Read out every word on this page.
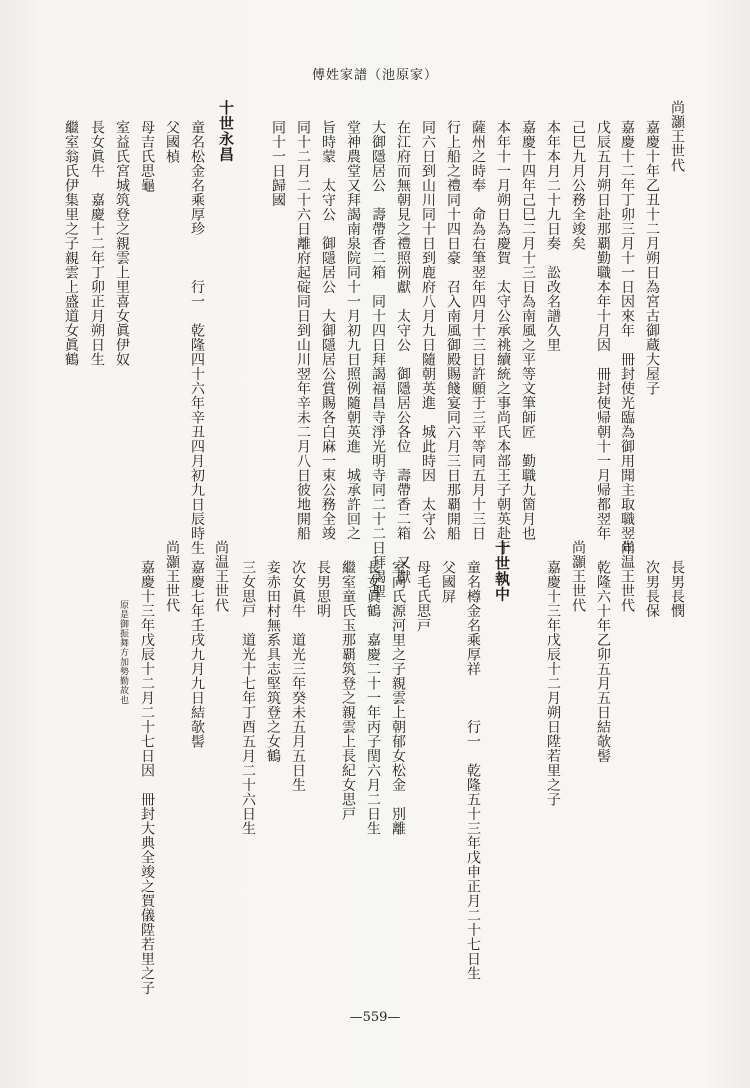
傅姓家譜（池原家）
尚灝王世代
嘉慶十年乙丑十二月朔日為宮古御蔵大屋子
嘉慶十二年丁卯三月十一日因來年　冊封使光臨為御用聞主取職翌年
戊辰五月朔日赴那覇勤職本年十月因　冊封使帰朝十一月帰都翌年
己巳九月公務全竣矣
本年本月二十九日奏　訟改名譜久里
嘉慶十四年己巳二月十三日為南風之平等文筆師匠　勤職九箇月也
本年十一月朔日為慶賀　太守公承祧續統之事尚氏本部王子朝英赴于
薩州之時奉　命為右筆翌年四月十三日許願于三平等同五月十三日
行上船之禮同十四日豪　召入南風御殿賜餞宴同六月三日那覇開船
同六日到山川同十日到鹿府八月九日隨朝英進　城此時因　太守公
在江府而無朝見之禮照例獻　太守公　御隱居公各位　壽帶香二箱　又獻
大御隱居公　壽帶香二箱　同十四日拜謁福昌寺淨光明寺同二十二日拜謁聖
堂神農堂又拜謁南泉院同十一月初九日照例隨朝英進　城承許回之
旨時蒙　太守公　御隱居公　大御隱居公賞賜各白麻一束公務全竣
同十二月二十六日離府起碇同日到山川翌年辛未二月八日彼地開船
同十一日歸國
十世永昌
童名松金名乘厚珍　　　行一　乾隆四十六年辛丑四月初九日辰時生
父國楨
母吉氏思龜
室益氏宮城筑登之親雲上里喜女眞伊奴
長女眞牛　嘉慶十二年丁卯正月朔日生
繼室翁氏伊集里之子親雲上盛道女眞鶴
長男長憫
次男長保
尚温王世代
乾隆六十年乙卯五月五日結欹髻
尚灝王世代
嘉慶十三年戊辰十二月朔日陞若里之子
十世執中
童名樽金名乘厚祥　　　行一　乾隆五十三年戊申正月二十七日生
父國屏
母毛氏思戸
室向氏源河里之子親雲上朝郁女松金　別離
長女眞鶴　嘉慶二十一年丙子閏六月二日生
繼室童氏玉那覇筑登之親雲上長紀女思戸
長男思明
次女眞牛　道光三年癸未五月五日生
妾赤田村無系具志堅筑登之女鶴
三女思戸　道光十七年丁酉五月二十六日生
尚温王世代
嘉慶七年壬戌九月九日結欹髻
尚灝王世代
嘉慶十三年戊辰十二月二十七日因　冊封大典全竣之賀儀陞若里之子
原是御振舞方加勢勤故也
—559—
